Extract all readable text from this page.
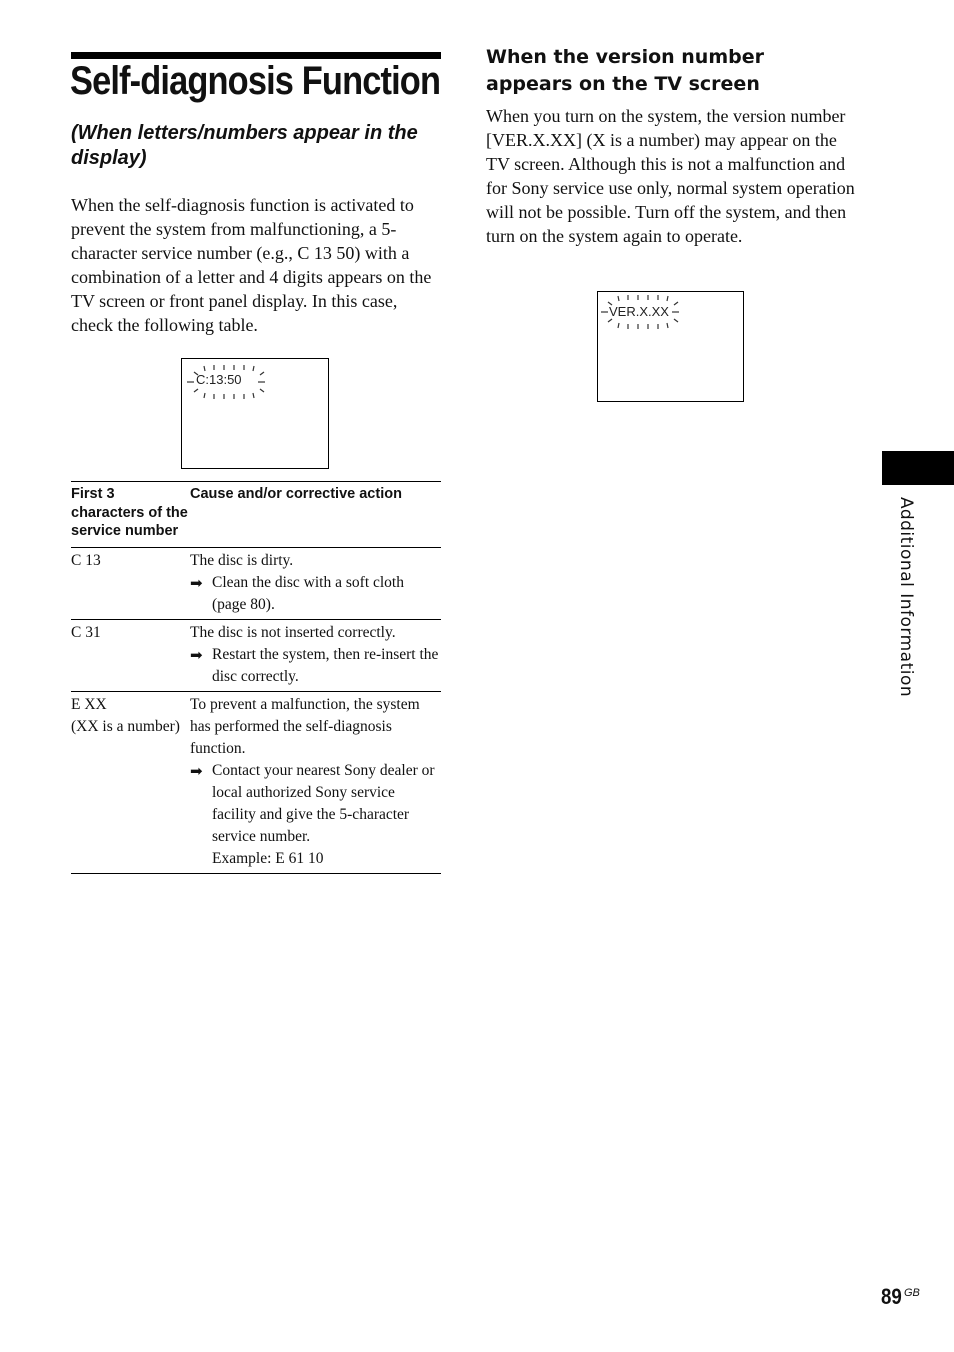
Self-diagnosis Function
(When letters/numbers appear in the display)

When the self-diagnosis function is activated to prevent the system from malfunctioning, a 5-character service number (e.g., C 13 50) with a combination of a letter and 4 digits appears on the TV screen or front panel display. In this case, check the following table.

C:13:50
First 3 characters of the service number	Cause and/or corrective action

C 13	The disc is dirty.
➡ Clean the disc with a soft cloth (page 80).

C 31	The disc is not inserted correctly.
➡ Restart the system, then re-insert the disc correctly.

E XX
(XX is a number)	To prevent a malfunction, the system has performed the self-diagnosis function.
➡ Contact your nearest Sony dealer or local authorized Sony service facility and give the 5-character service number.
Example: E 61 10
When the version number appears on the TV screen

When you turn on the system, the version number [VER.X.XX] (X is a number) may appear on the TV screen. Although this is not a malfunction and for Sony service use only, normal system operation will not be possible. Turn off the system, and then turn on the system again to operate.

VER.X.XX
Additional Information
89 GB
